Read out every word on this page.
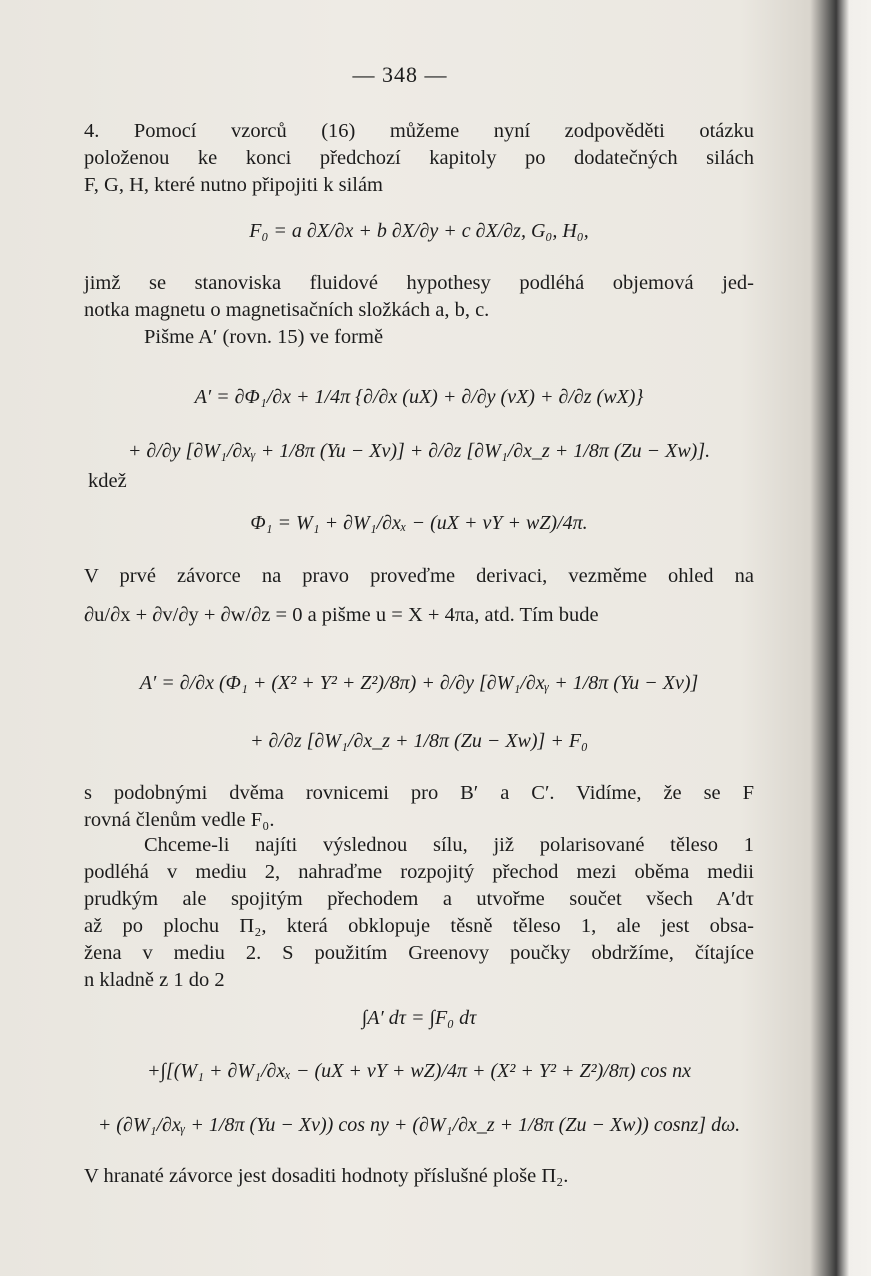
— 348 —
4. Pomocí vzorců (16) můžeme nyní zodpověděti otázku
položenou ke konci předchozí kapitoly po dodatečných silách
F, G, H, které nutno připojiti k silám
F₀ = a ∂X/∂x + b ∂X/∂y + c ∂X/∂z, G₀, H₀,
jimž se stanoviska fluidové hypothesy podléhá objemová jed-
notka magnetu o magnetisačních složkách a, b, c.
Pišme A′ (rovn. 15) ve formě
A′ = ∂Φ₁/∂x + 1/4π {∂/∂x (uX) + ∂/∂y (vX) + ∂/∂z (wX)}
+ ∂/∂y [∂W₁/∂xᵧ + 1/8π (Yu − Xv)] + ∂/∂z [∂W₁/∂x_z + 1/8π (Zu − Xw)].
kdež
Φ₁ = W₁ + ∂W₁/∂xₓ − (uX + vY + wZ)/4π.
V prvé závorce na pravo proveďme derivaci, vezměme ohled na
∂u/∂x + ∂v/∂y + ∂w/∂z = 0 a pišme u = X + 4πa, atd. Tím bude
A′ = ∂/∂x (Φ₁ + (X² + Y² + Z²)/8π) + ∂/∂y [∂W₁/∂xᵧ + 1/8π (Yu − Xv)]
+ ∂/∂z [∂W₁/∂x_z + 1/8π (Zu − Xw)] + F₀
s podobnými dvěma rovnicemi pro B′ a C′. Vidíme, že se F
rovná členům vedle F₀.
Chceme-li najíti výslednou sílu, již polarisované těleso 1
podléhá v mediu 2, nahraďme rozpojitý přechod mezi oběma medii
prudkým ale spojitým přechodem a utvořme součet všech A′dτ
až po plochu Π₂, která obklopuje těsně těleso 1, ale jest obsa-
žena v mediu 2. S použitím Greenovy poučky obdržíme, čítajíce
n kladně z 1 do 2
∫A′ dτ = ∫F₀ dτ
+∫[(W₁ + ∂W₁/∂xₓ − (uX + vY + wZ)/4π + (X² + Y² + Z²)/8π) cos nx
+ (∂W₁/∂xᵧ + 1/8π (Yu − Xv)) cos ny + (∂W₁/∂x_z + 1/8π (Zu − Xw)) cosnz] dω.
V hranaté závorce jest dosaditi hodnoty příslušné ploše Π₂.
